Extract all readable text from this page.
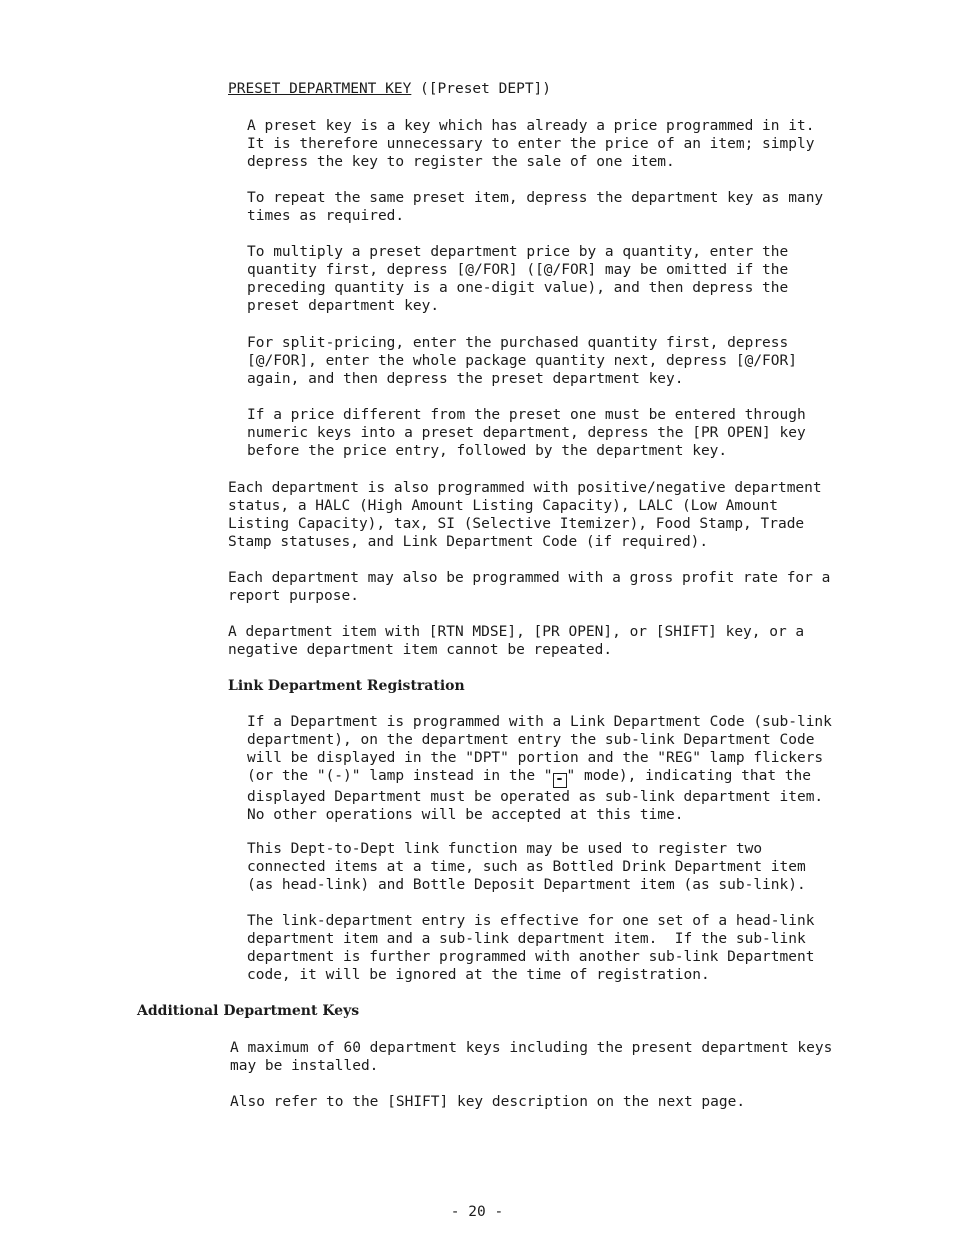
PRESET DEPARTMENT KEY ([Preset DEPT])
A preset key is a key which has already a price programmed in it.
It is therefore unnecessary to enter the price of an item; simply
depress the key to register the sale of one item.
To repeat the same preset item, depress the department key as many
times as required.
To multiply a preset department price by a quantity, enter the
quantity first, depress [@/FOR] ([@/FOR] may be omitted if the
preceding quantity is a one-digit value), and then depress the
preset department key.
For split-pricing, enter the purchased quantity first, depress
[@/FOR], enter the whole package quantity next, depress [@/FOR]
again, and then depress the preset department key.
If a price different from the preset one must be entered through
numeric keys into a preset department, depress the [PR OPEN] key
before the price entry, followed by the department key.
Each department is also programmed with positive/negative department
status, a HALC (High Amount Listing Capacity), LALC (Low Amount
Listing Capacity), tax, SI (Selective Itemizer), Food Stamp, Trade
Stamp statuses, and Link Department Code (if required).
Each department may also be programmed with a gross profit rate for a
report purpose.
A department item with [RTN MDSE], [PR OPEN], or [SHIFT] key, or a
negative department item cannot be repeated.
Link Department Registration
If a Department is programmed with a Link Department Code (sub-link
department), on the department entry the sub-link Department Code
will be displayed in the "DPT" portion and the "REG" lamp flickers
(or the "(-)" lamp instead in the " - " mode), indicating that the
displayed Department must be operated as sub-link department item.
No other operations will be accepted at this time.
This Dept-to-Dept link function may be used to register two
connected items at a time, such as Bottled Drink Department item
(as head-link) and Bottle Deposit Department item (as sub-link).
The link-department entry is effective for one set of a head-link
department item and a sub-link department item.  If the sub-link
department is further programmed with another sub-link Department
code, it will be ignored at the time of registration.
Additional Department Keys
A maximum of 60 department keys including the present department keys
may be installed.
Also refer to the [SHIFT] key description on the next page.
- 20 -
